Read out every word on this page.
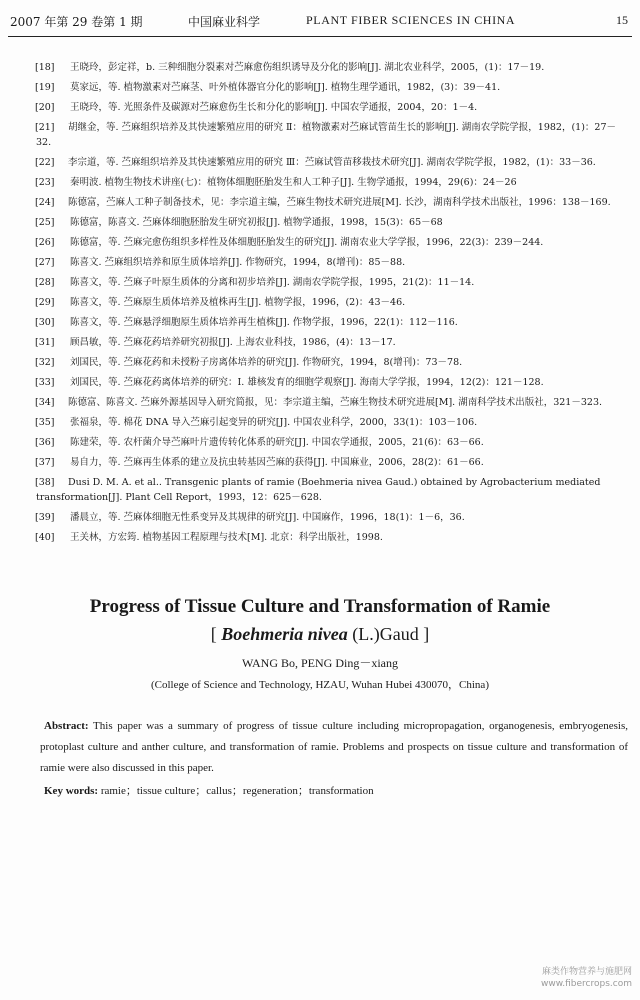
2007 年第 29 卷第 1 期	中国麻业科学	PLANT FIBER SCIENCES IN CHINA	15
[18]	王晓玲，彭定祥，b. 三种细胞分裂素对苎麻愈伤组织诱导及分化的影响[J]. 湖北农业科学，2005，(1)：17－19.
[19]	莫家远，等. 植物激素对苎麻茎、叶外植体器官分化的影响[J]. 植物生理学通讯，1982，(3)：39－41.
[20]	王晓玲，等. 光照条件及碳源对苎麻愈伤生长和分化的影响[J]. 中国农学通报，2004，20：1－4.
[21]	胡继金，等. 苎麻组织培养及其快速繁殖应用的研究 Ⅱ：植物激素对苎麻试管苗生长的影响[J]. 湖南农学院学报，1982，(1)：27－32.
[22]	李宗道，等. 苎麻组织培养及其快速繁殖应用的研究 Ⅲ：苎麻试管苗移栽技术研究[J]. 湖南农学院学报，1982，(1)：33－36.
[23]	秦明波. 植物生物技术讲座(七)：植物体细胞胚胎发生和人工种子[J]. 生物学通报，1994，29(6)：24－26
[24]	陈德富，苎麻人工种子制备技术，见：李宗道主编，苎麻生物技术研究进展[M]. 长沙，湖南科学技术出版社，1996：138－169.
[25]	陈德富，陈喜文. 苎麻体细胞胚胎发生研究初报[J]. 植物学通报，1998，15(3)：65－68
[26]	陈德富，等. 苎麻完愈伤组织多样性及体细胞胚胎发生的研究[J]. 湖南农业大学学报，1996，22(3)：239－244.
[27]	陈喜文. 苎麻组织培养和原生质体培养[J]. 作物研究，1994，8(增刊)：85－88.
[28]	陈喜文，等. 苎麻子叶原生质体的分离和初步培养[J]. 湖南农学院学报，1995，21(2)：11－14.
[29]	陈喜文，等. 苎麻原生质体培养及植株再生[J]. 植物学报，1996，(2)：43－46.
[30]	陈喜文，等. 苎麻悬浮细胞原生质体培养再生植株[J]. 作物学报，1996，22(1)：112－116.
[31]	顾昌敏，等. 苎麻花药培养研究初报[J]. 上海农业科技，1986，(4)：13－17.
[32]	刘国民，等. 苎麻花药和未授粉子房离体培养的研究[J]. 作物研究，1994，8(增刊)：73－78.
[33]	刘国民，等. 苎麻花药离体培养的研究：Ⅰ. 雄核发育的细胞学观察[J]. 海南大学学报，1994，12(2)：121－128.
[34]	陈德富、陈喜文. 苎麻外源基因导入研究简报，见：李宗道主编，苎麻生物技术研究进展[M]. 湖南科学技术出版社，321－323.
[35]	张福泉，等. 棉花 DNA 导入苎麻引起变异的研究[J]. 中国农业科学，2000，33(1)：103－106.
[36]	陈建荣，等. 农杆菌介导苎麻叶片遗传转化体系的研究[J]. 中国农学通报，2005，21(6)：63－66.
[37]	易自力，等. 苎麻再生体系的建立及抗虫转基因苎麻的获得[J]. 中国麻业，2006，28(2)：61－66.
[38]	Dusi D. M. A. et al.. Transgenic plants of ramie (Boehmeria nivea Gaud.) obtained by Agrobacterium mediated transformation[J]. Plant Cell Report，1993，12：625－628.
[39]	潘晨立，等. 苎麻体细胞无性系变异及其规律的研究[J]. 中国麻作，1996，18(1)：1－6，36.
[40]	王关林，方宏筠. 植物基因工程原理与技术[M]. 北京：科学出版社，1998.
Progress of Tissue Culture and Transformation of Ramie
[ Boehmeria nivea (L.)Gaud ]
WANG Bo, PENG Ding－xiang
(College of Science and Technology, HZAU, Wuhan Hubei 430070，China)
Abstract: This paper was a summary of progress of tissue culture including micropropagation, organogenesis, embryogenesis, protoplast culture and anther culture, and transformation of ramie. Problems and prospects on tissue culture and transformation of ramie were also discussed in this paper.
Key words: ramie；tissue culture；callus；regeneration；transformation
麻类作物营养与施肥网
www.fibercrops.com
